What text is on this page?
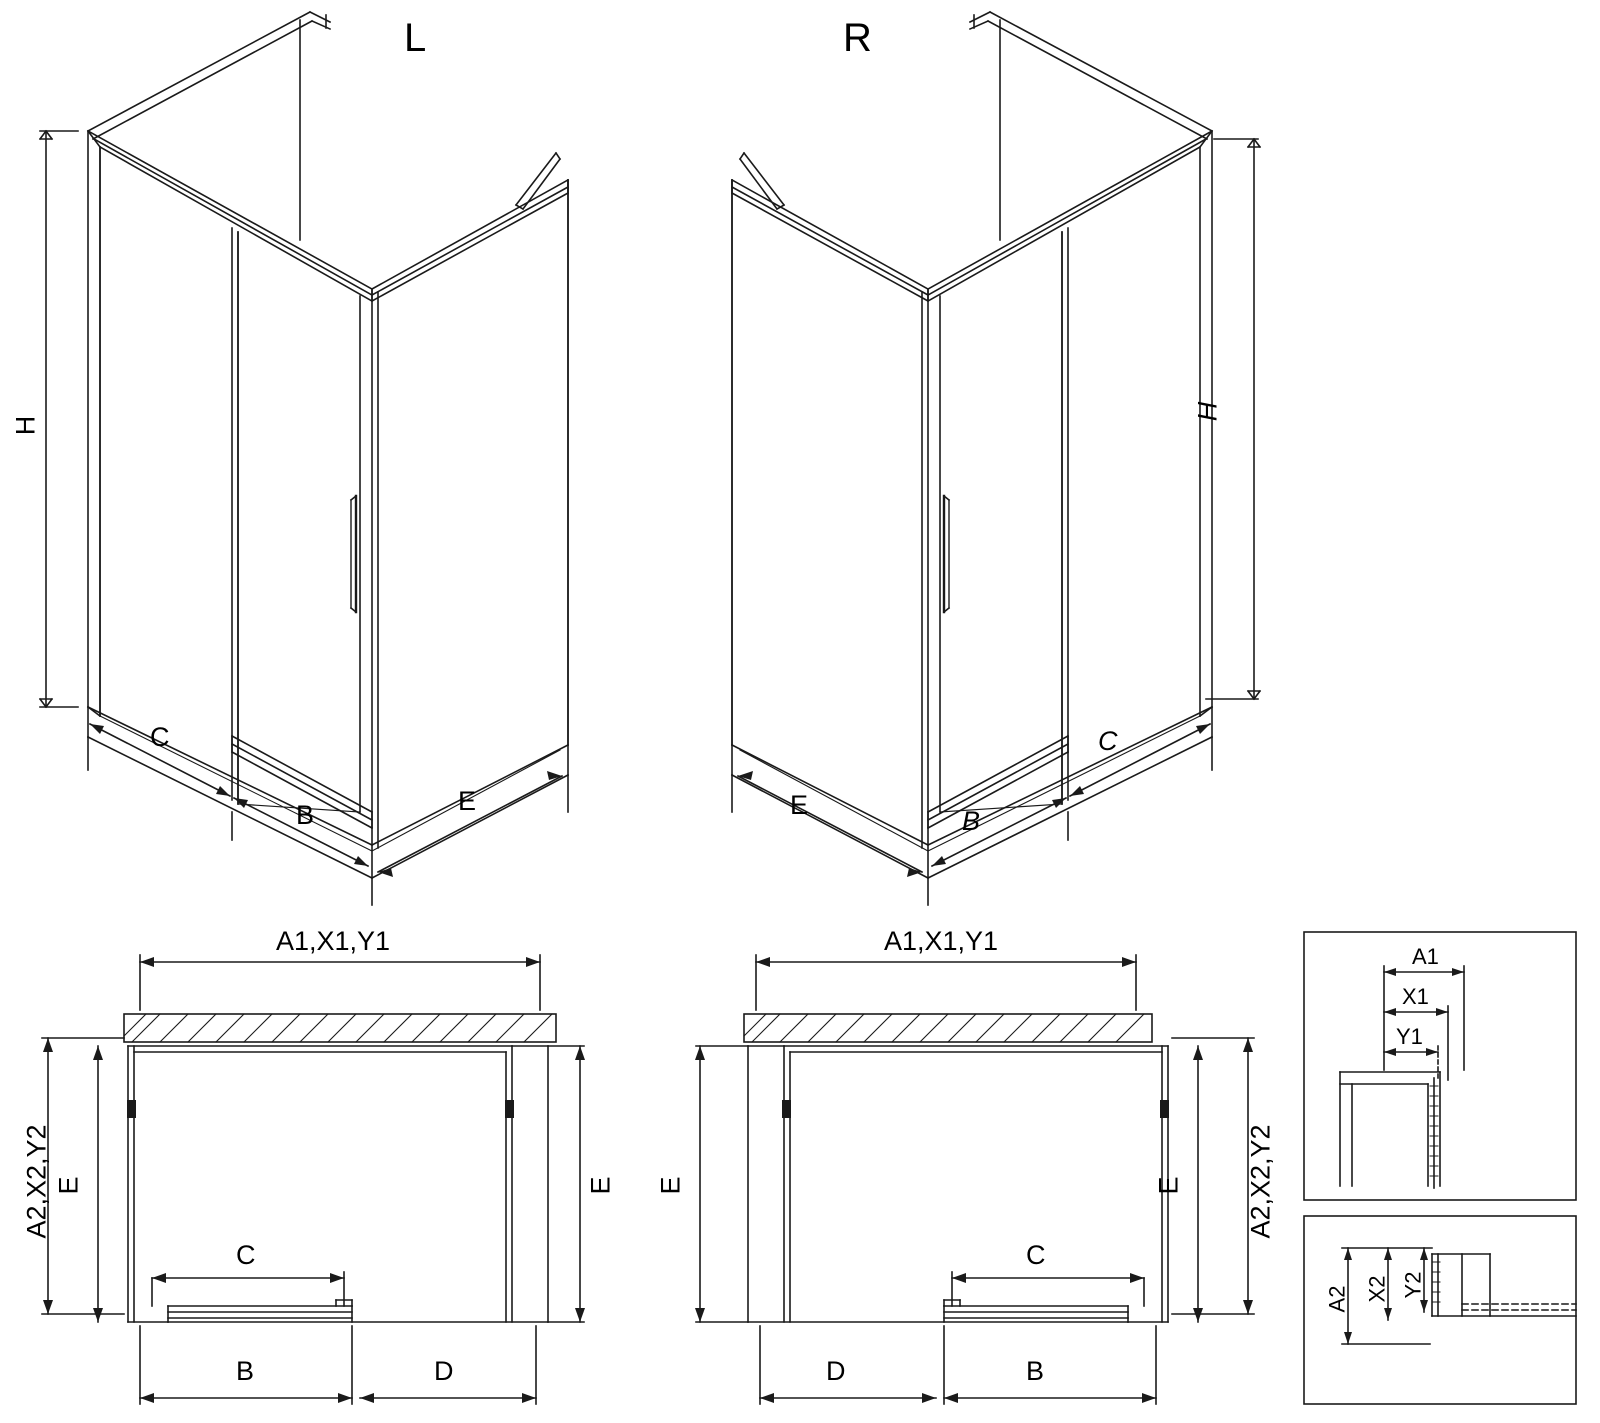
L	R
H
H
C
B	E	E
B
C
A1,X1,Y1	A1,X1,Y1
A2,X2,Y2 E	E E	E A2,X2,Y2
C	C
B	D	D	B
A1
X1
Y1
A2 X2 Y2
